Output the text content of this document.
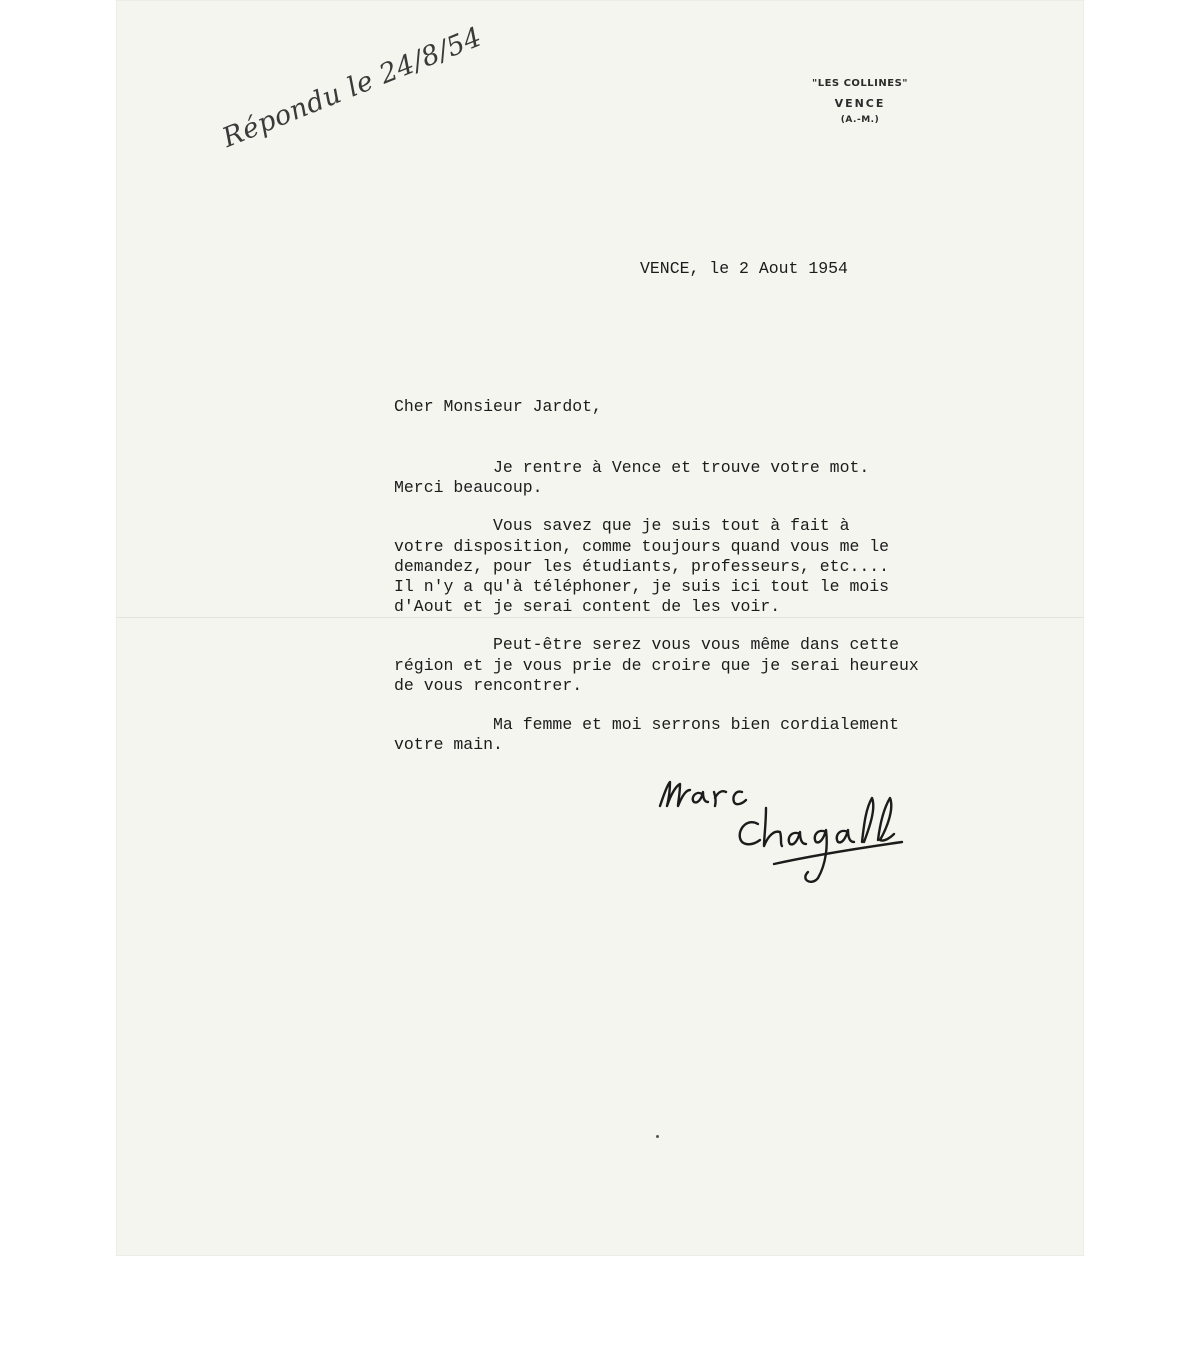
"LES COLLINES"
VENCE
(A.-M.)
Répondu le 24/8/54
VENCE, le 2 Aout 1954
Cher Monsieur Jardot,
Je rentre à Vence et trouve votre mot.
Merci beaucoup.
Vous savez que je suis tout à fait à
votre disposition, comme toujours quand vous me le
demandez, pour les étudiants, professeurs, etc....
Il n'y a qu'à téléphoner, je suis ici tout le mois
d'Aout et je serai content de les voir.
Peut-être serez vous vous même dans cette
région et je vous prie de croire que je serai heureux
de vous rencontrer.
Ma femme et moi serrons bien cordialement
votre main.
